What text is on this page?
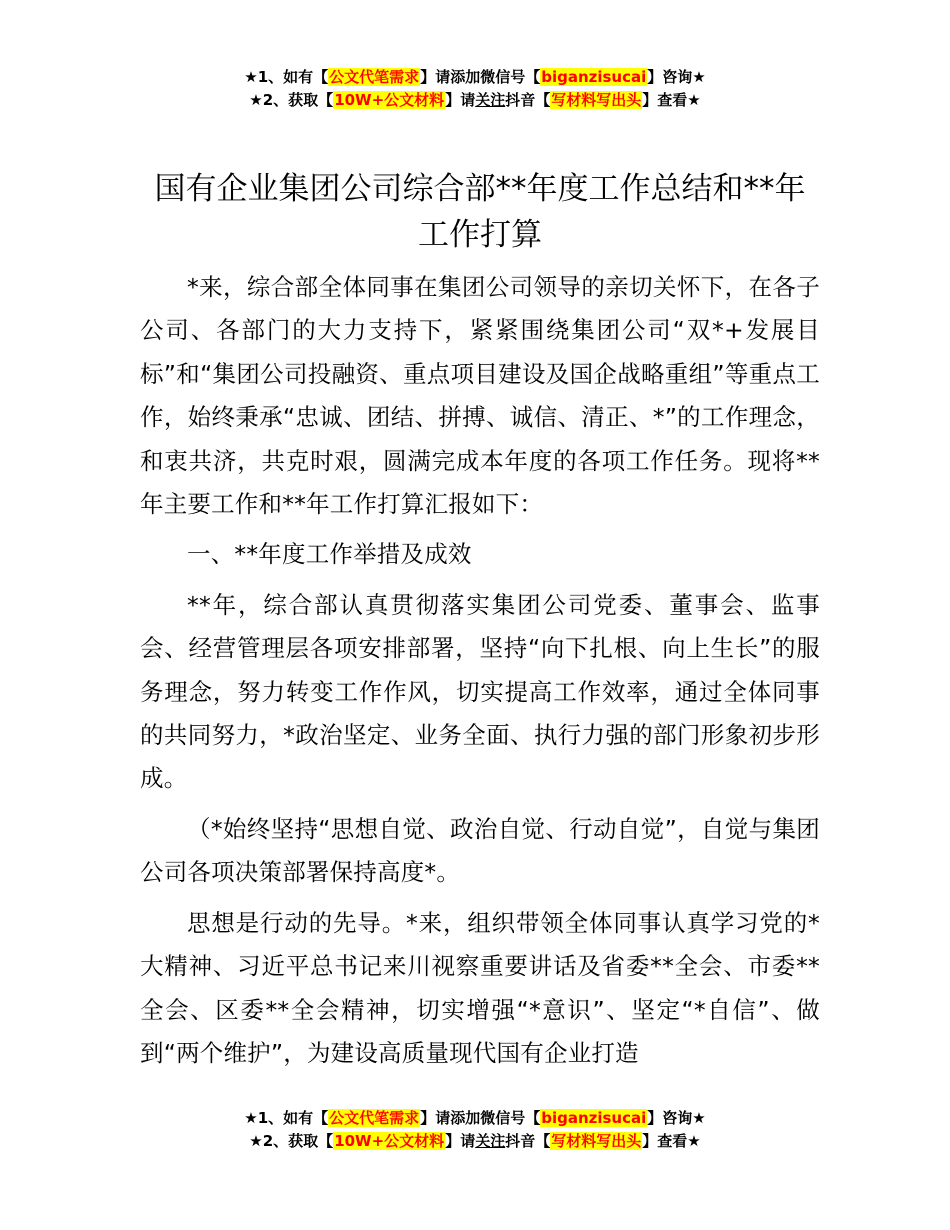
★1、如有【公文代笔需求】请添加微信号【biganzisucai】咨询★
★2、获取【10W+公文材料】请关注抖音【写材料写出头】查看★
国有企业集团公司综合部**年度工作总结和**年工作打算

*来，综合部全体同事在集团公司领导的亲切关怀下，在各子公司、各部门的大力支持下，紧紧围绕集团公司“双*+发展目标”和“集团公司投融资、重点项目建设及国企战略重组”等重点工作，始终秉承“忠诚、团结、拼搏、诚信、清正、*”的工作理念，和衷共济，共克时艰，圆满完成本年度的各项工作任务。现将**年主要工作和**年工作打算汇报如下：

一、**年度工作举措及成效

**年，综合部认真贯彻落实集团公司党委、董事会、监事会、经营管理层各项安排部署，坚持“向下扎根、向上生长”的服务理念，努力转变工作作风，切实提高工作效率，通过全体同事的共同努力，*政治坚定、业务全面、执行力强的部门形象初步形成。

（*始终坚持“思想自觉、政治自觉、行动自觉”，自觉与集团公司各项决策部署保持高度*。

思想是行动的先导。*来，组织带领全体同事认真学习党的*大精神、习近平总书记来川视察重要讲话及省委**全会、市委**全会、区委**全会精神，切实增强“*意识”、坚定“*自信”、做到“两个维护”，为建设高质量现代国有企业打造

★1、如有【公文代笔需求】请添加微信号【biganzisucai】咨询★
★2、获取【10W+公文材料】请关注抖音【写材料写出头】查看★
